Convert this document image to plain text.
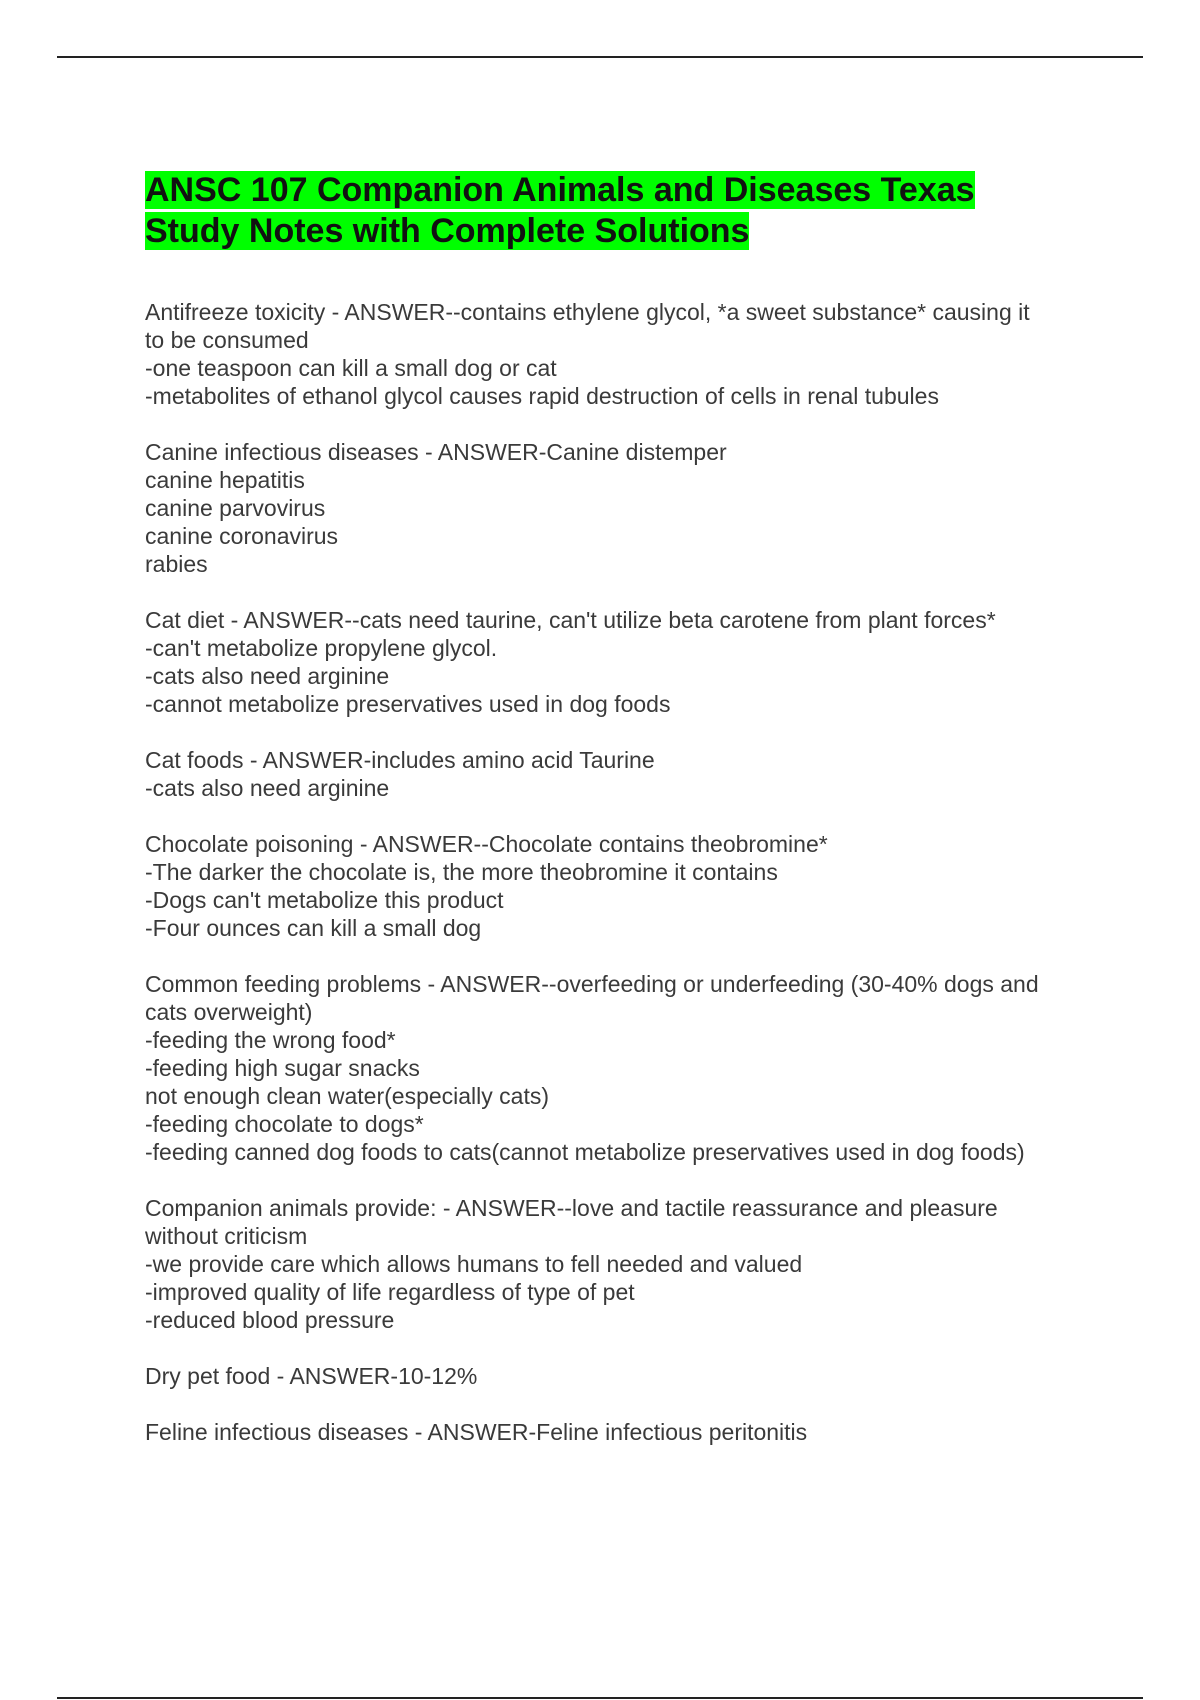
ANSC 107 Companion Animals and Diseases Texas
Study Notes with Complete Solutions
Antifreeze toxicity - ANSWER--contains ethylene glycol, *a sweet substance* causing it
to be consumed
-one teaspoon can kill a small dog or cat
-metabolites of ethanol glycol causes rapid destruction of cells in renal tubules
Canine infectious diseases - ANSWER-Canine distemper
canine hepatitis
canine parvovirus
canine coronavirus
rabies
Cat diet - ANSWER--cats need taurine, can't utilize beta carotene from plant forces*
-can't metabolize propylene glycol.
-cats also need arginine
-cannot metabolize preservatives used in dog foods
Cat foods - ANSWER-includes amino acid Taurine
-cats also need arginine
Chocolate poisoning - ANSWER--Chocolate contains theobromine*
-The darker the chocolate is, the more theobromine it contains
-Dogs can't metabolize this product
-Four ounces can kill a small dog
Common feeding problems - ANSWER--overfeeding or underfeeding (30-40% dogs and
cats overweight)
-feeding the wrong food*
-feeding high sugar snacks
not enough clean water(especially cats)
-feeding chocolate to dogs*
-feeding canned dog foods to cats(cannot metabolize preservatives used in dog foods)
Companion animals provide: - ANSWER--love and tactile reassurance and pleasure
without criticism
-we provide care which allows humans to fell needed and valued
-improved quality of life regardless of type of pet
-reduced blood pressure
Dry pet food - ANSWER-10-12%
Feline infectious diseases - ANSWER-Feline infectious peritonitis
